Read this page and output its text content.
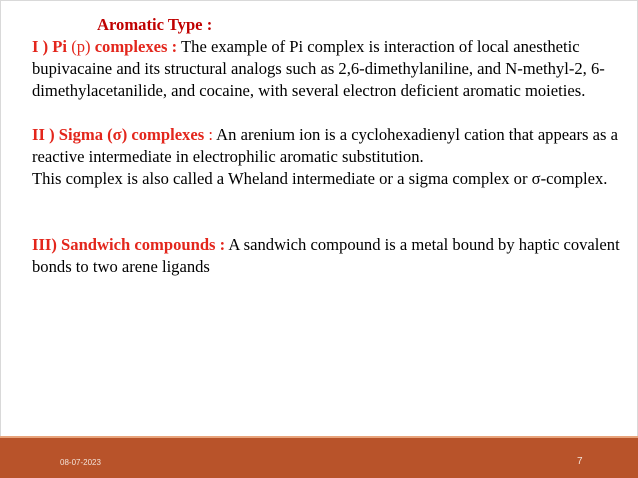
Aromatic Type :

I ) Pi (p) complexes : The example of Pi complex is interaction of local anesthetic bupivacaine and its structural analogs such as 2,6-dimethylaniline, and N-methyl-2, 6-dimethylacetanilide, and cocaine, with several electron deficient aromatic moieties.

II ) Sigma (σ) complexes : An arenium ion is a cyclohexadienyl cation that appears as a reactive intermediate in electrophilic aromatic substitution.

This complex is also called a Wheland intermediate or a sigma complex or σ-complex.

III) Sandwich compounds : A sandwich compound is a metal bound by haptic covalent bonds to two arene ligands

08-07-2023	7
